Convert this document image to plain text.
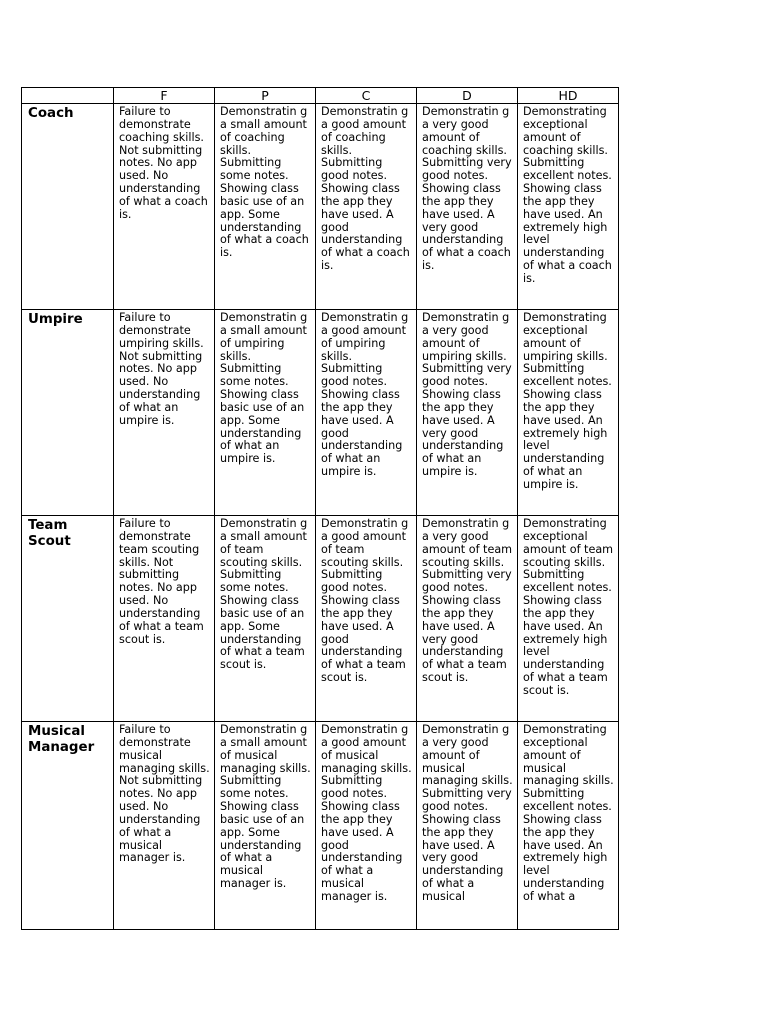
	F	P	C	D	HD
Coach	Failure to demonstrate coaching skills. Not submitting notes. No app used. No understanding of what a coach is.	Demonstratin g a small amount of coaching skills. Submitting some notes. Showing class basic use of an app. Some understanding of what a coach is.	Demonstratin g a good amount of coaching skills. Submitting good notes. Showing class the app they have used. A good understanding of what a coach is.	Demonstratin g a very good amount of coaching skills. Submitting very good notes. Showing class the app they have used. A very good understanding of what a coach is.	Demonstrating exceptional amount of coaching skills. Submitting excellent notes. Showing class the app they have used. An extremely high level understanding of what a coach is.
Umpire	Failure to demonstrate umpiring skills. Not submitting notes. No app used. No understanding of what an umpire is.	Demonstratin g a small amount of umpiring skills. Submitting some notes. Showing class basic use of an app. Some understanding of what an umpire is.	Demonstratin g a good amount of umpiring skills. Submitting good notes. Showing class the app they have used. A good understanding of what an umpire is.	Demonstratin g a very good amount of umpiring skills. Submitting very good notes. Showing class the app they have used. A very good understanding of what an umpire is.	Demonstrating exceptional amount of umpiring skills. Submitting excellent notes. Showing class the app they have used. An extremely high level understanding of what an umpire is.
Team Scout	Failure to demonstrate team scouting skills. Not submitting notes. No app used. No understanding of what a team scout is.	Demonstratin g a small amount of team scouting skills. Submitting some notes. Showing class basic use of an app. Some understanding of what a team scout is.	Demonstratin g a good amount of team scouting skills. Submitting good notes. Showing class the app they have used. A good understanding of what a team scout is.	Demonstratin g a very good amount of team scouting skills. Submitting very good notes. Showing class the app they have used. A very good understanding of what a team scout is.	Demonstrating exceptional amount of team scouting skills. Submitting excellent notes. Showing class the app they have used. An extremely high level understanding of what a team scout is.
Musical Manager	Failure to demonstrate musical managing skills. Not submitting notes. No app used. No understanding of what a musical manager is.	Demonstratin g a small amount of musical managing skills. Submitting some notes. Showing class basic use of an app. Some understanding of what a musical manager is.	Demonstratin g a good amount of musical managing skills. Submitting good notes. Showing class the app they have used. A good understanding of what a musical manager is.	Demonstratin g a very good amount of musical managing skills. Submitting very good notes. Showing class the app they have used. A very good understanding of what a musical	Demonstrating exceptional amount of musical managing skills. Submitting excellent notes. Showing class the app they have used. An extremely high level understanding of what a
